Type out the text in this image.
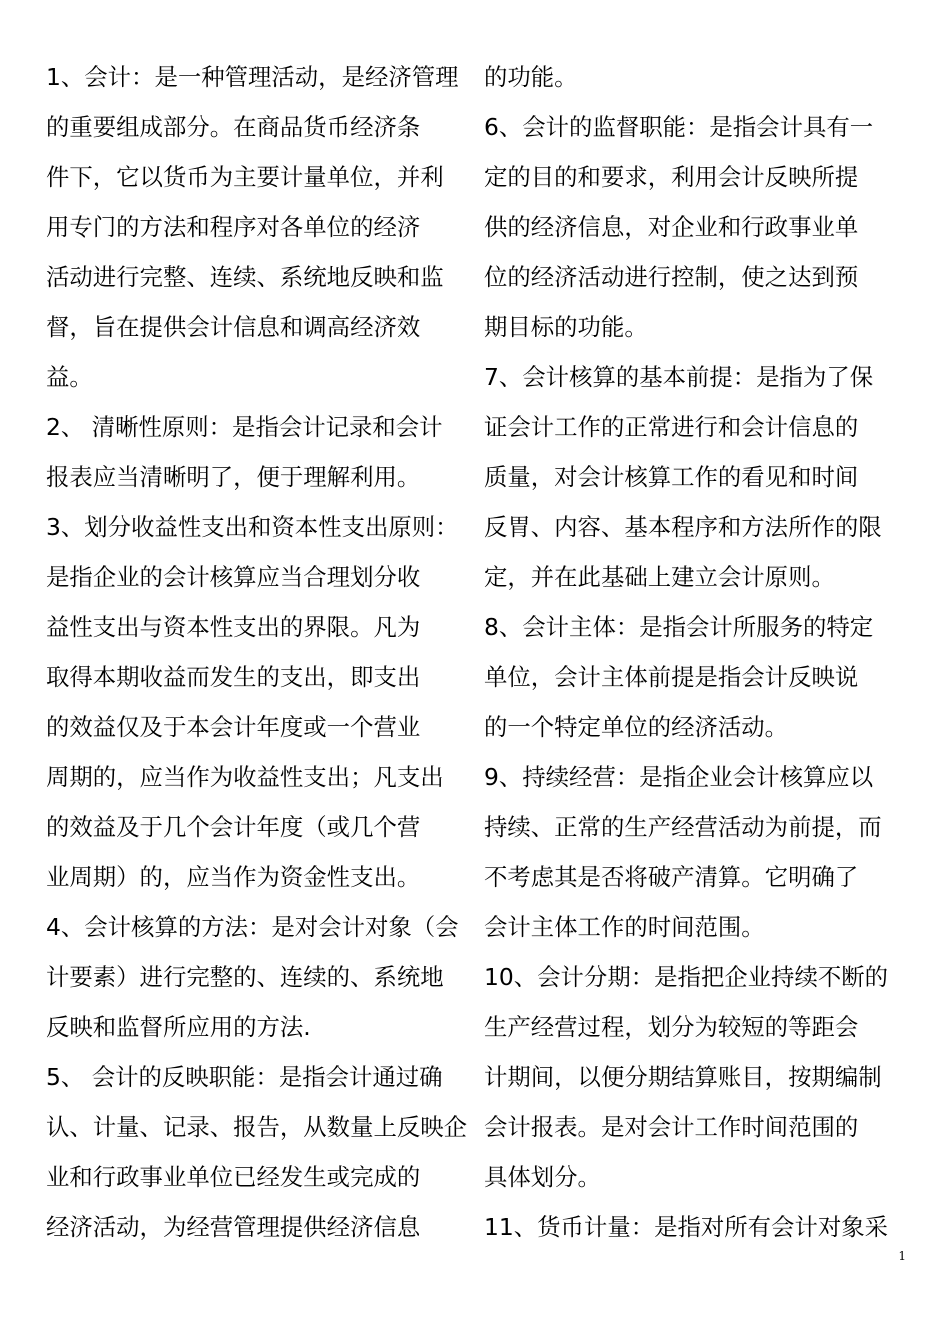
1、会计：是一种管理活动，是经济管理
的重要组成部分。在商品货币经济条
件下，它以货币为主要计量单位，并利
用专门的方法和程序对各单位的经济
活动进行完整、连续、系统地反映和监
督，旨在提供会计信息和调高经济效
益。
2、 清晰性原则：是指会计记录和会计
报表应当清晰明了，便于理解利用。
3、划分收益性支出和资本性支出原则：
是指企业的会计核算应当合理划分收
益性支出与资本性支出的界限。凡为
取得本期收益而发生的支出，即支出
的效益仅及于本会计年度或一个营业
周期的，应当作为收益性支出；凡支出
的效益及于几个会计年度（或几个营
业周期）的，应当作为资金性支出。
4、会计核算的方法：是对会计对象（会
计要素）进行完整的、连续的、系统地
反映和监督所应用的方法.
5、 会计的反映职能：是指会计通过确
认、计量、记录、报告，从数量上反映企
业和行政事业单位已经发生或完成的
经济活动，为经营管理提供经济信息
的功能。
6、会计的监督职能：是指会计具有一
定的目的和要求，利用会计反映所提
供的经济信息，对企业和行政事业单
位的经济活动进行控制，使之达到预
期目标的功能。
7、会计核算的基本前提：是指为了保
证会计工作的正常进行和会计信息的
质量，对会计核算工作的看见和时间
反胃、内容、基本程序和方法所作的限
定，并在此基础上建立会计原则。
8、会计主体：是指会计所服务的特定
单位，会计主体前提是指会计反映说
的一个特定单位的经济活动。
9、持续经营：是指企业会计核算应以
持续、正常的生产经营活动为前提，而
不考虑其是否将破产清算。它明确了
会计主体工作的时间范围。
10、会计分期：是指把企业持续不断的
生产经营过程，划分为较短的等距会
计期间，以便分期结算账目，按期编制
会计报表。是对会计工作时间范围的
具体划分。
11、货币计量：是指对所有会计对象采
1
